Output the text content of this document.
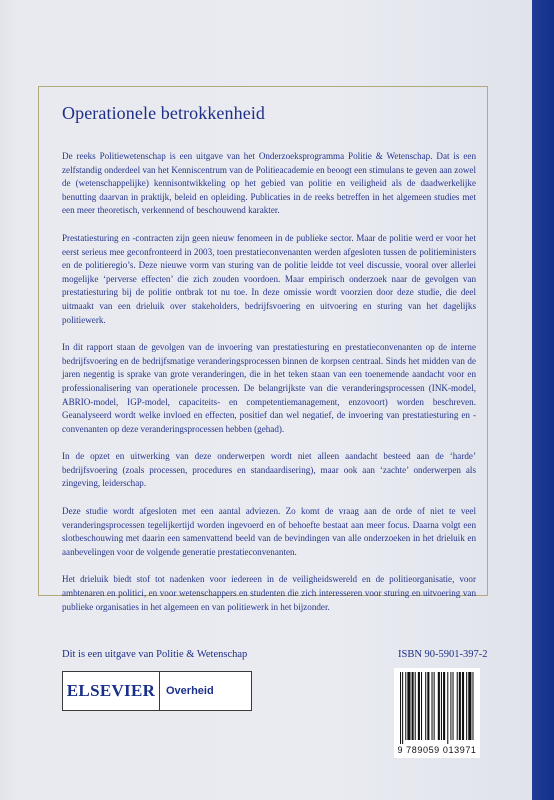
Operationele betrokkenheid

De reeks Politiewetenschap is een uitgave van het Onderzoeksprogramma Politie & Wetenschap. Dat is een zelfstandig onderdeel van het Kenniscentrum van de Politieacademie en beoogt een stimulans te geven aan zowel de (wetenschappelijke) kennisontwikkeling op het gebied van politie en veiligheid als de daadwerkelijke benutting daarvan in praktijk, beleid en opleiding. Publicaties in de reeks betreffen in het algemeen studies met een meer theoretisch, verkennend of beschouwend karakter.

Prestatiesturing en -contracten zijn geen nieuw fenomeen in de publieke sector. Maar de politie werd er voor het eerst serieus mee geconfronteerd in 2003, toen prestatieconvenanten werden afgesloten tussen de politieministers en de politieregio’s. Deze nieuwe vorm van sturing van de politie leidde tot veel discussie, vooral over allerlei mogelijke ‘perverse effecten’ die zich zouden voordoen. Maar empirisch onderzoek naar de gevolgen van prestatiesturing bij de politie ontbrak tot nu toe. In deze omissie wordt voorzien door deze studie, die deel uitmaakt van een drieluik over stakeholders, bedrijfsvoering en uitvoering en sturing van het dagelijks politiewerk.

In dit rapport staan de gevolgen van de invoering van prestatiesturing en prestatieconvenanten op de interne bedrijfsvoering en de bedrijfsmatige veranderingsprocessen binnen de korpsen centraal. Sinds het midden van de jaren negentig is sprake van grote veranderingen, die in het teken staan van een toenemende aandacht voor en professionalisering van operationele processen. De belangrijkste van die veranderingsprocessen (INK-model, ABRIO-model, IGP-model, capaciteits- en competentiemanagement, enzovoort) worden beschreven. Geanalyseerd wordt welke invloed en effecten, positief dan wel negatief, de invoering van prestatiesturing en -convenanten op deze veranderingsprocessen hebben (gehad).

In de opzet en uitwerking van deze onderwerpen wordt niet alleen aandacht besteed aan de ‘harde’ bedrijfsvoering (zoals processen, procedures en standaardisering), maar ook aan ‘zachte’ onderwerpen als zingeving, leiderschap.

Deze studie wordt afgesloten met een aantal adviezen. Zo komt de vraag aan de orde of niet te veel veranderingsprocessen tegelijkertijd worden ingevoerd en of behoefte bestaat aan meer focus. Daarna volgt een slotbeschouwing met daarin een samenvattend beeld van de bevindingen van alle onderzoeken in het drieluik en aanbevelingen voor de volgende generatie prestatieconvenanten.

Het drieluik biedt stof tot nadenken voor iedereen in de veiligheidswereld en de politieorganisatie, voor ambtenaren en politici, en voor wetenschappers en studenten die zich interesseren voor sturing en uitvoering van publieke organisaties in het algemeen en van politiewerk in het bijzonder.

Dit is een uitgave van Politie & Wetenschap	ISBN 90-5901-397-2
ELSEVIER Overheid
9 789059 013971
